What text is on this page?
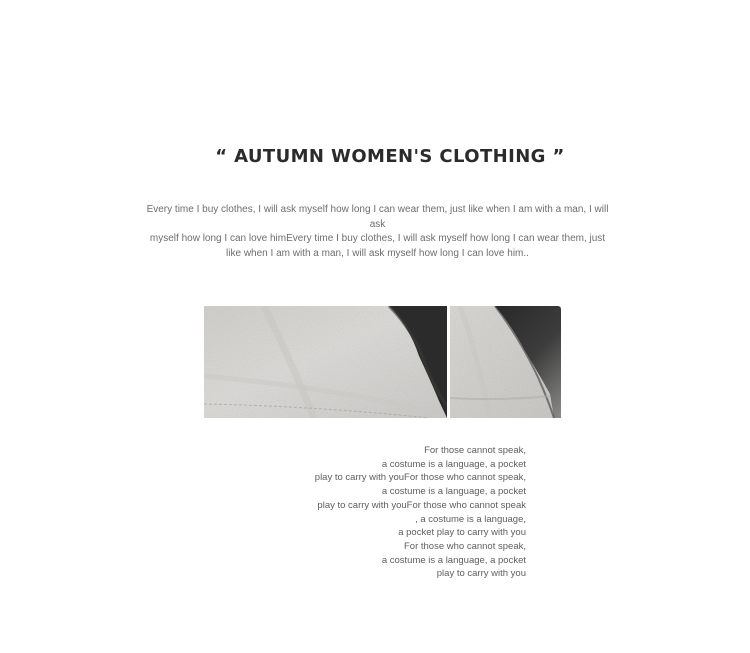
“ AUTUMN WOMEN'S CLOTHING ”
Every time I buy clothes, I will ask myself how long I can wear them, just like when I am with a man, I will ask
myself how long I can love himEvery time I buy clothes, I will ask myself how long I can wear them, just
like when I am with a man, I will ask myself how long I can love him..
For those cannot speak,
a costume is a language, a pocket
play to carry with youFor those who cannot speak,
a costume is a language, a pocket
play to carry with youFor those who cannot speak
, a costume is a language,
a pocket play to carry with you
For those who cannot speak,
a costume is a language, a pocket
play to carry with you
